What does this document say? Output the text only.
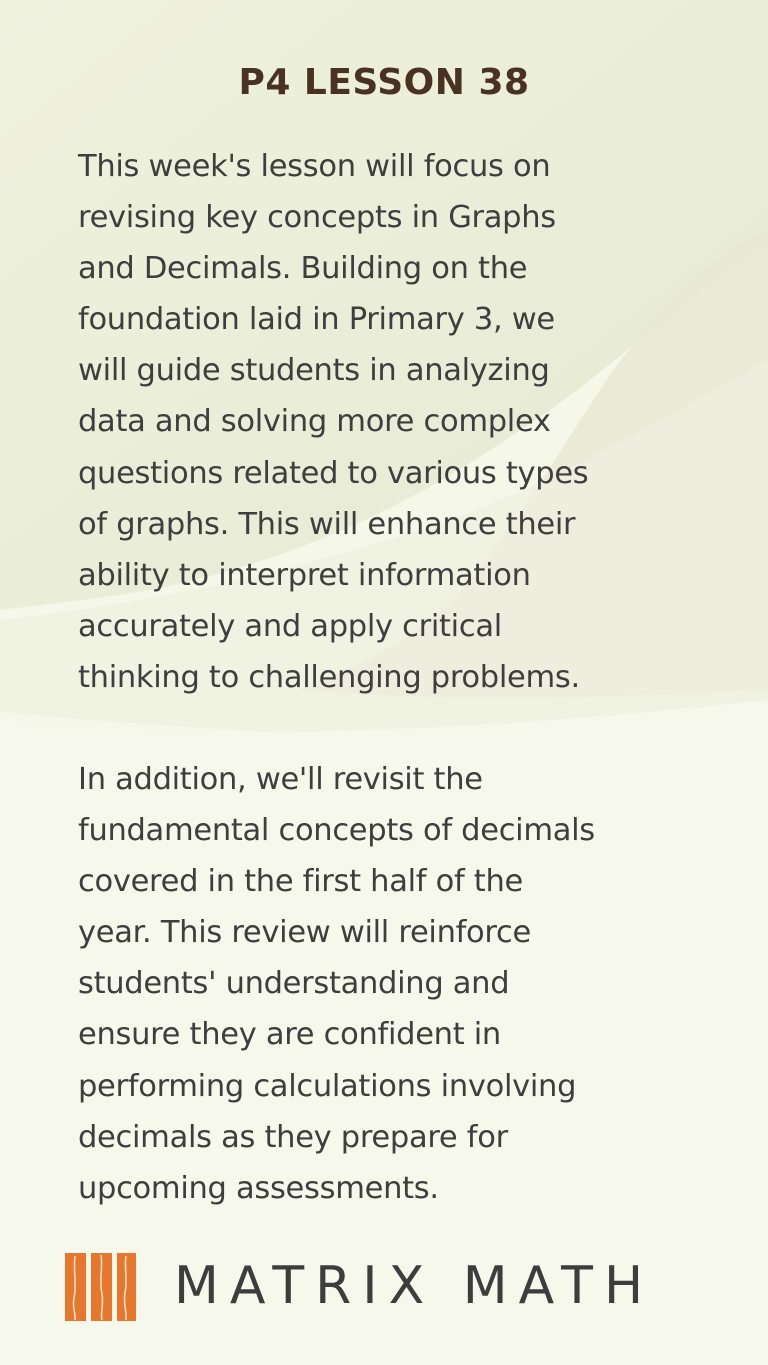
P4 LESSON 38
This week's lesson will focus on
revising key concepts in Graphs
and Decimals. Building on the
foundation laid in Primary 3, we
will guide students in analyzing
data and solving more complex
questions related to various types
of graphs. This will enhance their
ability to interpret information
accurately and apply critical
thinking to challenging problems.
In addition, we'll revisit the
fundamental concepts of decimals
covered in the first half of the
year. This review will reinforce
students' understanding and
ensure they are confident in
performing calculations involving
decimals as they prepare for
upcoming assessments.
MATRIX MATH
